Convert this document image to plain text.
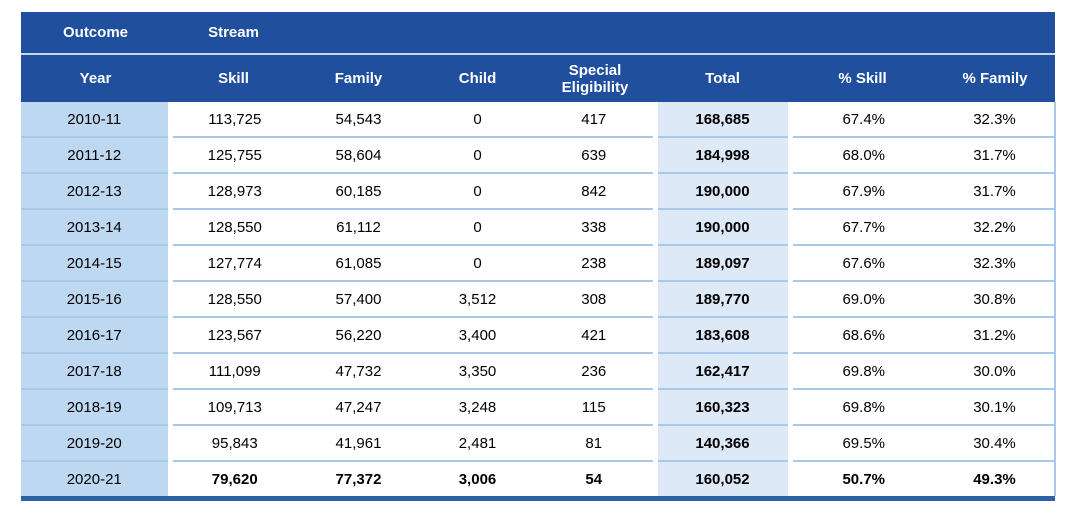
Outcome	Stream						
Year	Skill	Family	Child	Special Eligibility	Total	% Skill	% Family
2010-11	113,725	54,543	0	417	168,685	67.4%	32.3%
2011-12	125,755	58,604	0	639	184,998	68.0%	31.7%
2012-13	128,973	60,185	0	842	190,000	67.9%	31.7%
2013-14	128,550	61,112	0	338	190,000	67.7%	32.2%
2014-15	127,774	61,085	0	238	189,097	67.6%	32.3%
2015-16	128,550	57,400	3,512	308	189,770	69.0%	30.8%
2016-17	123,567	56,220	3,400	421	183,608	68.6%	31.2%
2017-18	111,099	47,732	3,350	236	162,417	69.8%	30.0%
2018-19	109,713	47,247	3,248	115	160,323	69.8%	30.1%
2019-20	95,843	41,961	2,481	81	140,366	69.5%	30.4%
2020-21	79,620	77,372	3,006	54	160,052	50.7%	49.3%
